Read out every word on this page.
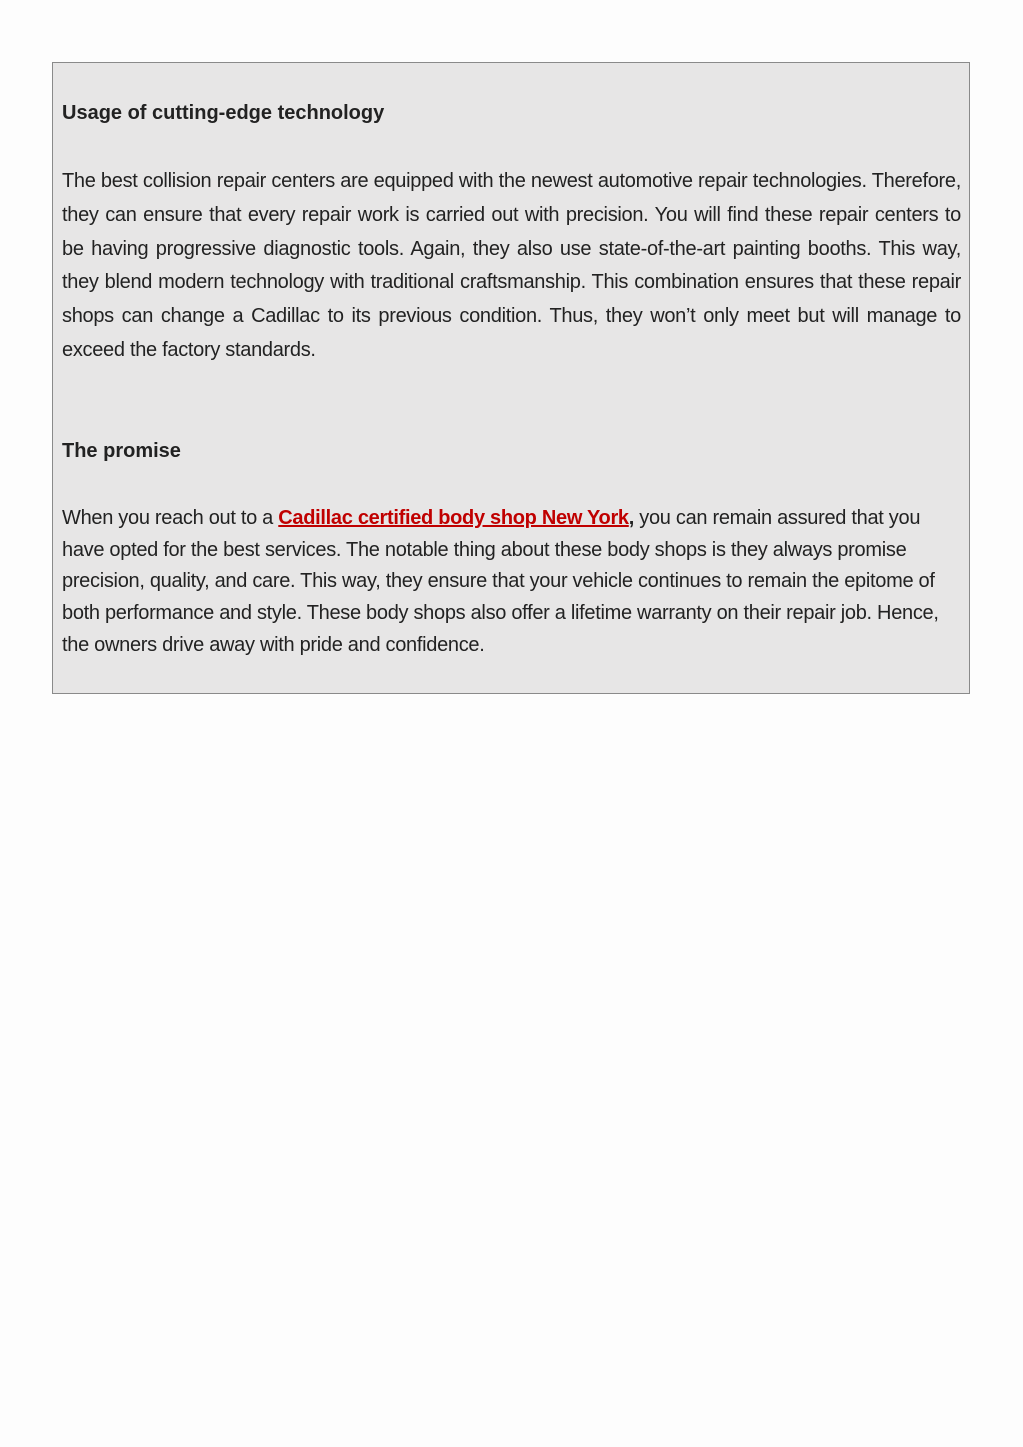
Usage of cutting-edge technology

The best collision repair centers are equipped with the newest automotive repair technologies. Therefore, they can ensure that every repair work is carried out with precision. You will find these repair centers to be having progressive diagnostic tools. Again, they also use state-of-the-art painting booths. This way, they blend modern technology with traditional craftsmanship. This combination ensures that these repair shops can change a Cadillac to its previous condition. Thus, they won’t only meet but will manage to exceed the factory standards.

The promise

When you reach out to a Cadillac certified body shop New York, you can remain assured that you have opted for the best services. The notable thing about these body shops is they always promise precision, quality, and care. This way, they ensure that your vehicle continues to remain the epitome of both performance and style. These body shops also offer a lifetime warranty on their repair job. Hence, the owners drive away with pride and confidence.
